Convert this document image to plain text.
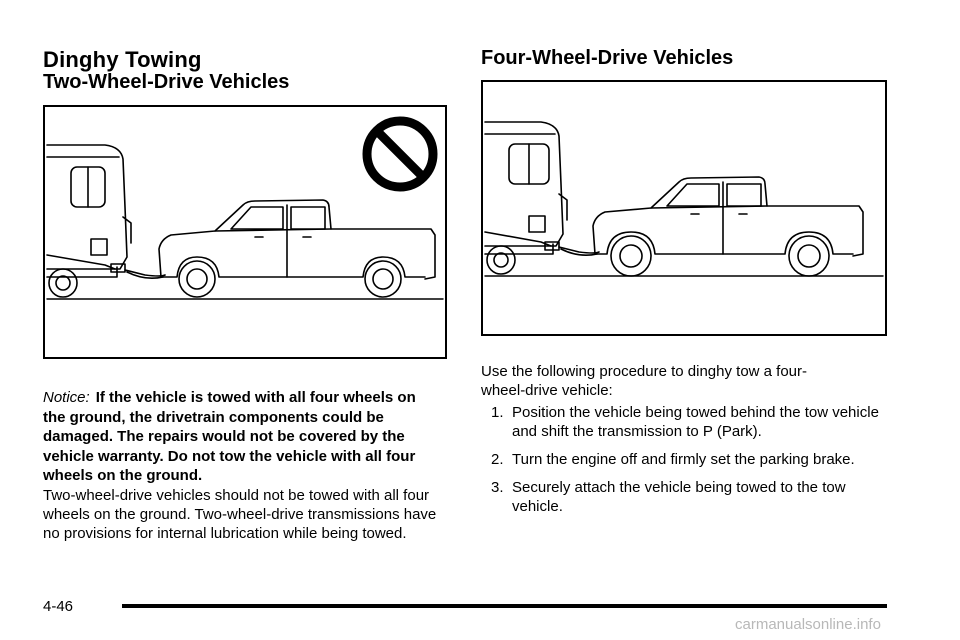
Dinghy Towing
Two-Wheel-Drive Vehicles
Notice: If the vehicle is towed with all four wheels on the ground, the drivetrain components could be damaged. The repairs would not be covered by the vehicle warranty. Do not tow the vehicle with all four wheels on the ground.
Two-wheel-drive vehicles should not be towed with all four wheels on the ground. Two-wheel-drive transmissions have no provisions for internal lubrication while being towed.
Four-Wheel-Drive Vehicles
Use the following procedure to dinghy tow a four-wheel-drive vehicle:
1. Position the vehicle being towed behind the tow vehicle and shift the transmission to P (Park).
2. Turn the engine off and firmly set the parking brake.
3. Securely attach the vehicle being towed to the tow vehicle.
4-46
carmanualsonline.info
